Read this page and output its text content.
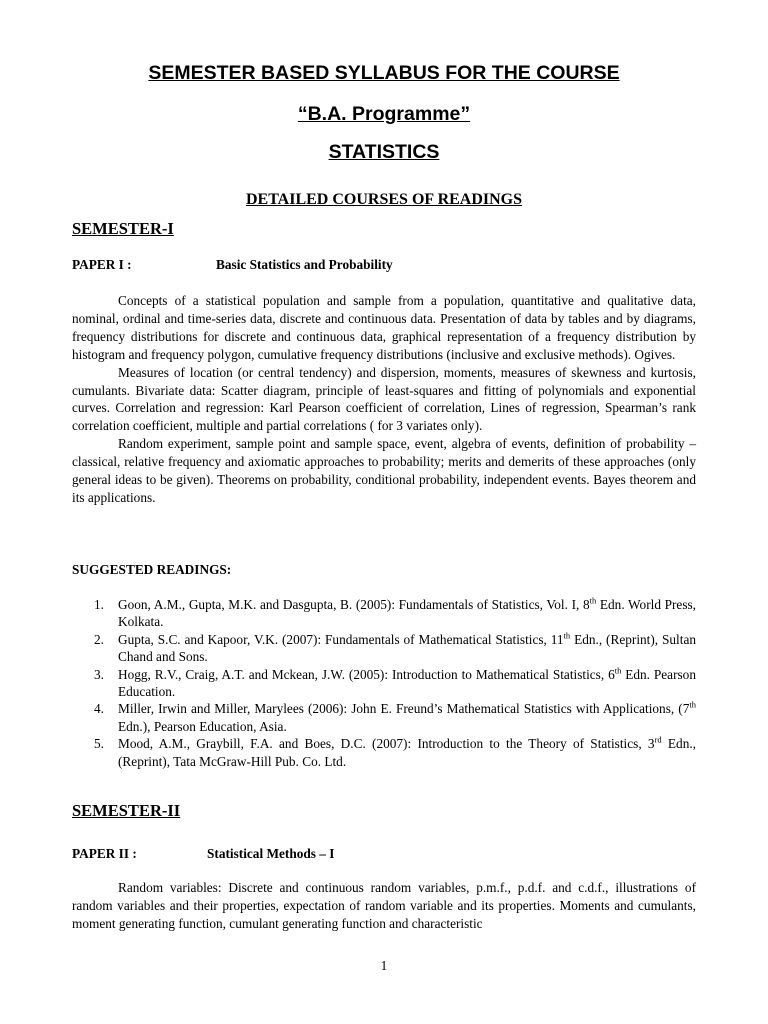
SEMESTER BASED SYLLABUS FOR THE COURSE
“B.A. Programme”
STATISTICS
DETAILED COURSES OF READINGS
SEMESTER-I
PAPER I :	Basic Statistics and Probability

Concepts of a statistical population and sample from a population, quantitative and qualitative data, nominal, ordinal and time-series data, discrete and continuous data. Presentation of data by tables and by diagrams, frequency distributions for discrete and continuous data, graphical representation of a frequency distribution by histogram and frequency polygon, cumulative frequency distributions (inclusive and exclusive methods). Ogives.

Measures of location (or central tendency) and dispersion, moments, measures of skewness and kurtosis, cumulants. Bivariate data: Scatter diagram, principle of least-squares and fitting of polynomials and exponential curves. Correlation and regression: Karl Pearson coefficient of correlation, Lines of regression, Spearman’s rank correlation coefficient, multiple and partial correlations ( for 3 variates only).

Random experiment, sample point and sample space, event, algebra of events, definition of probability – classical, relative frequency and axiomatic approaches to probability; merits and demerits of these approaches (only general ideas to be given). Theorems on probability, conditional probability, independent events. Bayes theorem and its applications.

SUGGESTED READINGS:
1. Goon, A.M., Gupta, M.K. and Dasgupta, B. (2005): Fundamentals of Statistics, Vol. I, 8th Edn. World Press, Kolkata.
2. Gupta, S.C. and Kapoor, V.K. (2007): Fundamentals of Mathematical Statistics, 11th Edn., (Reprint), Sultan Chand and Sons.
3. Hogg, R.V., Craig, A.T. and Mckean, J.W. (2005): Introduction to Mathematical Statistics, 6th Edn. Pearson Education.
4. Miller, Irwin and Miller, Marylees (2006): John E. Freund’s Mathematical Statistics with Applications, (7th Edn.), Pearson Education, Asia.
5. Mood, A.M., Graybill, F.A. and Boes, D.C. (2007): Introduction to the Theory of Statistics, 3rd Edn., (Reprint), Tata McGraw-Hill Pub. Co. Ltd.
SEMESTER-II
PAPER II :	Statistical Methods – I

Random variables: Discrete and continuous random variables, p.m.f., p.d.f. and c.d.f., illustrations of random variables and their properties, expectation of random variable and its properties. Moments and cumulants, moment generating function, cumulant generating function and characteristic

1
